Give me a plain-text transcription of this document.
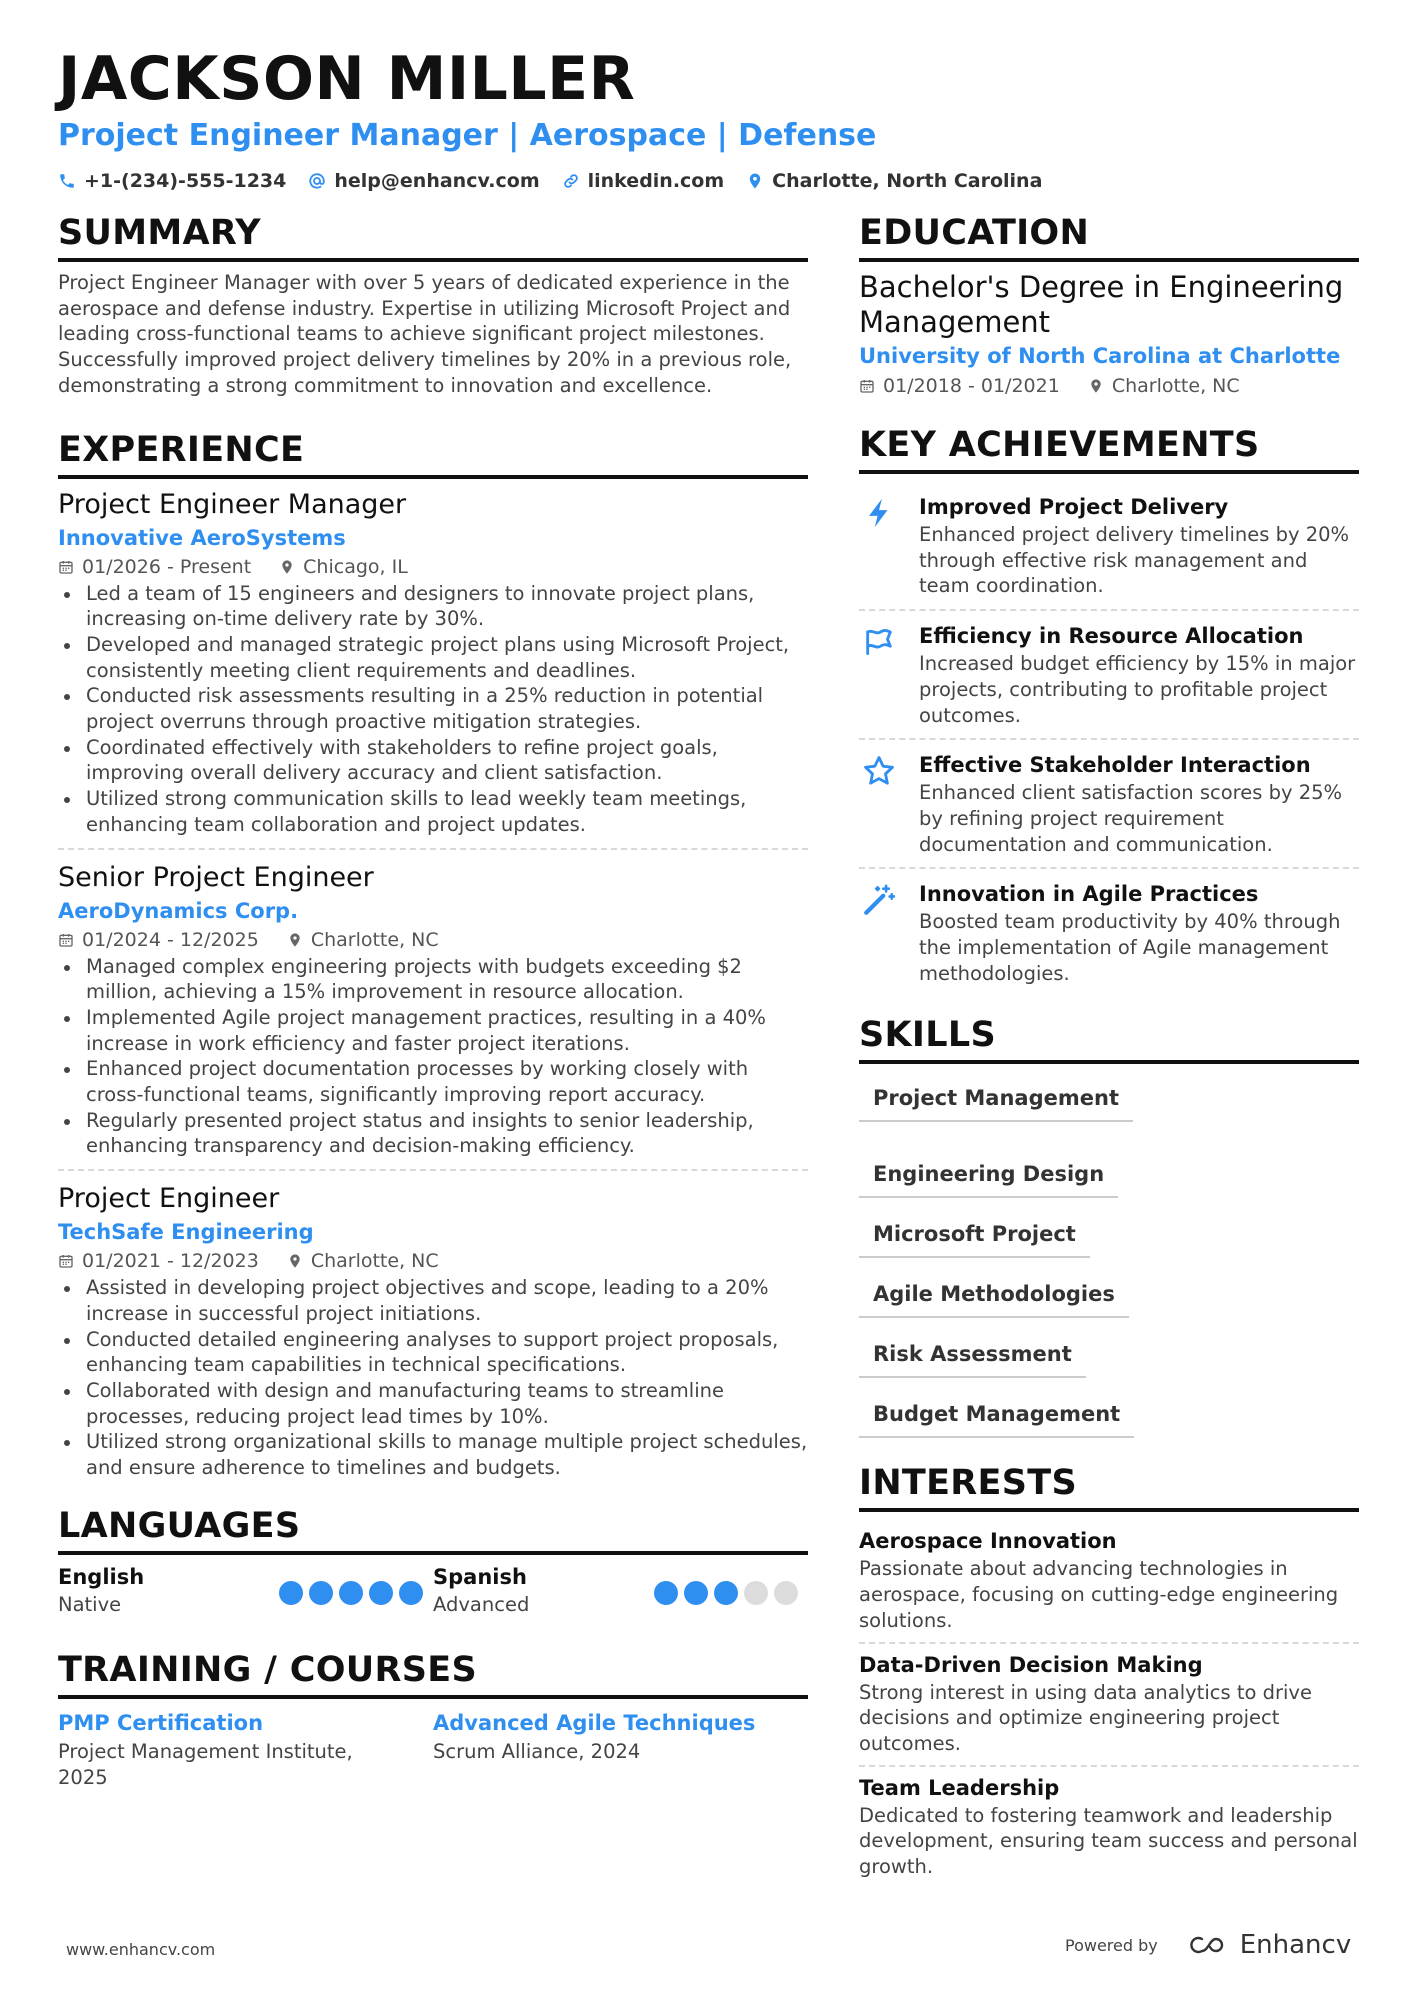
JACKSON MILLER
Project Engineer Manager | Aerospace | Defense
+1-(234)-555-1234	help@enhancv.com	linkedin.com	Charlotte, North Carolina
SUMMARY

Project Engineer Manager with over 5 years of dedicated experience in the aerospace and defense industry. Expertise in utilizing Microsoft Project and leading cross-functional teams to achieve significant project milestones. Successfully improved project delivery timelines by 20% in a previous role, demonstrating a strong commitment to innovation and excellence.

EXPERIENCE
Project Engineer Manager
Innovative AeroSystems
01/2026 - Present	Chicago, IL
Led a team of 15 engineers and designers to innovate project plans, increasing on-time delivery rate by 30%.
Developed and managed strategic project plans using Microsoft Project, consistently meeting client requirements and deadlines.
Conducted risk assessments resulting in a 25% reduction in potential project overruns through proactive mitigation strategies.
Coordinated effectively with stakeholders to refine project goals, improving overall delivery accuracy and client satisfaction.
Utilized strong communication skills to lead weekly team meetings, enhancing team collaboration and project updates.
Senior Project Engineer
AeroDynamics Corp.
01/2024 - 12/2025	Charlotte, NC
Managed complex engineering projects with budgets exceeding $2 million, achieving a 15% improvement in resource allocation.
Implemented Agile project management practices, resulting in a 40% increase in work efficiency and faster project iterations.
Enhanced project documentation processes by working closely with cross-functional teams, significantly improving report accuracy.
Regularly presented project status and insights to senior leadership, enhancing transparency and decision-making efficiency.
Project Engineer
TechSafe Engineering
01/2021 - 12/2023	Charlotte, NC
Assisted in developing project objectives and scope, leading to a 20% increase in successful project initiations.
Conducted detailed engineering analyses to support project proposals, enhancing team capabilities in technical specifications.
Collaborated with design and manufacturing teams to streamline processes, reducing project lead times by 10%.
Utilized strong organizational skills to manage multiple project schedules, and ensure adherence to timelines and budgets.
LANGUAGES
English
Native
Spanish
Advanced
TRAINING / COURSES
PMP Certification
Project Management Institute, 2025
Advanced Agile Techniques
Scrum Alliance, 2024
EDUCATION
Bachelor's Degree in Engineering Management
University of North Carolina at Charlotte
01/2018 - 01/2021	Charlotte, NC
KEY ACHIEVEMENTS
Improved Project Delivery
Enhanced project delivery timelines by 20% through effective risk management and team coordination.
Efficiency in Resource Allocation
Increased budget efficiency by 15% in major projects, contributing to profitable project outcomes.
Effective Stakeholder Interaction
Enhanced client satisfaction scores by 25% by refining project requirement documentation and communication.
Innovation in Agile Practices
Boosted team productivity by 40% through the implementation of Agile management methodologies.
SKILLS
Project Management
Engineering Design
Microsoft Project
Agile Methodologies
Risk Assessment
Budget Management
INTERESTS
Aerospace Innovation
Passionate about advancing technologies in aerospace, focusing on cutting-edge engineering solutions.
Data-Driven Decision Making
Strong interest in using data analytics to drive decisions and optimize engineering project outcomes.
Team Leadership
Dedicated to fostering teamwork and leadership development, ensuring team success and personal growth.
www.enhancv.com	Powered by	Enhancv
